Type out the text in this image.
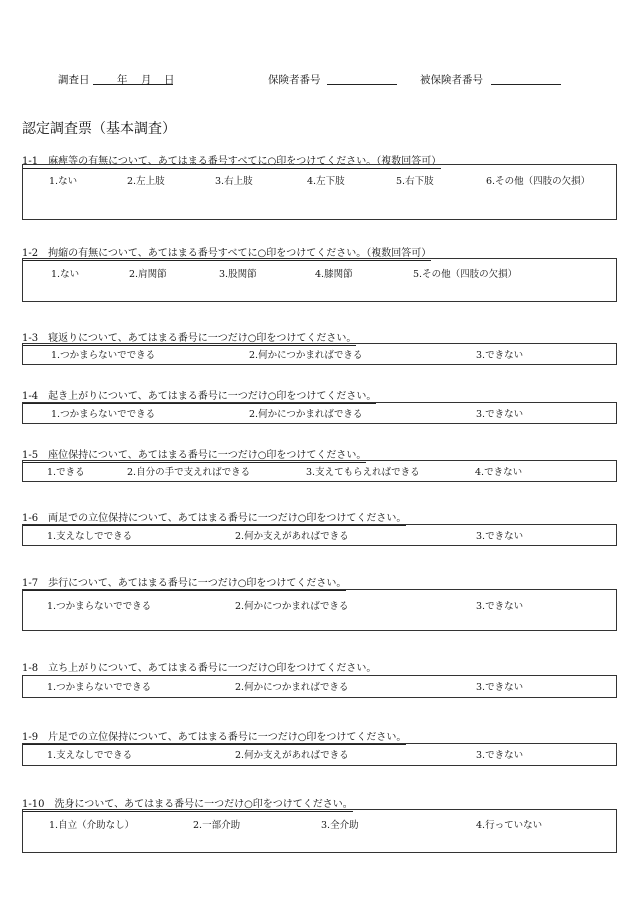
調査日	年 月 日	保険者番号	被保険者番号
認定調査票（基本調査）
1-1　麻痺等の有無について、あてはまる番号すべてに○印をつけてください。（複数回答可）
1.ない	2.左上肢	3.右上肢	4.左下肢	5.右下肢	6.その他（四肢の欠損）
1-2　拘縮の有無について、あてはまる番号すべてに○印をつけてください。（複数回答可）
1.ない	2.肩関節	3.股関節	4.膝関節	5.その他（四肢の欠損）
1-3　寝返りについて、あてはまる番号に一つだけ○印をつけてください。
1.つかまらないでできる	2.何かにつかまればできる	3.できない
1-4　起き上がりについて、あてはまる番号に一つだけ○印をつけてください。
1.つかまらないでできる	2.何かにつかまればできる	3.できない
1-5　座位保持について、あてはまる番号に一つだけ○印をつけてください。
1.できる	2.自分の手で支えればできる	3.支えてもらえればできる	4.できない
1-6　両足での立位保持について、あてはまる番号に一つだけ○印をつけてください。
1.支えなしでできる	2.何か支えがあればできる	3.できない
1-7　歩行について、あてはまる番号に一つだけ○印をつけてください。
1.つかまらないでできる	2.何かにつかまればできる	3.できない
1-8　立ち上がりについて、あてはまる番号に一つだけ○印をつけてください。
1.つかまらないでできる	2.何かにつかまればできる	3.できない
1-9　片足での立位保持について、あてはまる番号に一つだけ○印をつけてください。
1.支えなしでできる	2.何か支えがあればできる	3.できない
1-10　洗身について、あてはまる番号に一つだけ○印をつけてください。
1.自立（介助なし）	2.一部介助	3.全介助	4.行っていない
